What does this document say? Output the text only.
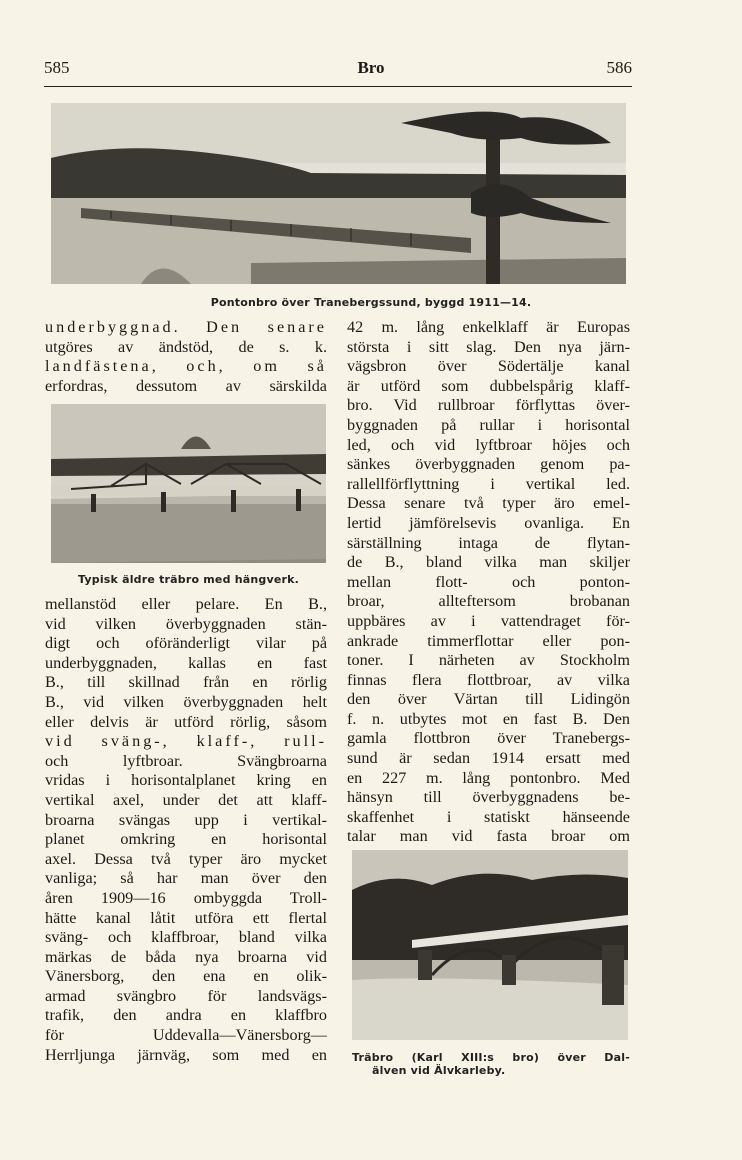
585	Bro	586
Pontonbro över Tranebergssund, byggd 1911—14.
underbyggnad. Den senare
utgöres av ändstöd, de s. k.
landfästena, och, om så
erfordras, dessutom av särskilda
Typisk äldre träbro med hängverk.
mellanstöd eller pelare. En B.,
vid vilken överbyggnaden stän-
digt och oföränderligt vilar på
underbyggnaden, kallas en fast
B., till skillnad från en rörlig
B., vid vilken överbyggnaden helt
eller delvis är utförd rörlig, såsom
vid sväng-, klaff-, rull-
och lyftbroar. Svängbroarna
vridas i horisontalplanet kring en
vertikal axel, under det att klaff-
broarna svängas upp i vertikal-
planet omkring en horisontal
axel. Dessa två typer äro mycket
vanliga; så har man över den
åren 1909—16 ombyggda Troll-
hätte kanal låtit utföra ett flertal
sväng- och klaffbroar, bland vilka
märkas de båda nya broarna vid
Vänersborg, den ena en olik-
armad svängbro för landsvägs-
trafik, den andra en klaffbro
för Uddevalla—Vänersborg—
Herrljunga järnväg, som med en
42 m. lång enkelklaff är Europas
största i sitt slag. Den nya järn-
vägsbron över Södertälje kanal
är utförd som dubbelspårig klaff-
bro. Vid rullbroar förflyttas över-
byggnaden på rullar i horisontal
led, och vid lyftbroar höjes och
sänkes överbyggnaden genom pa-
rallellförflyttning i vertikal led.
Dessa senare två typer äro emel-
lertid jämförelsevis ovanliga. En
särställning intaga de flytan-
de B., bland vilka man skiljer
mellan flott- och ponton-
broar, allteftersom brobanan
uppbäres av i vattendraget för-
ankrade timmerflottar eller pon-
toner. I närheten av Stockholm
finnas flera flottbroar, av vilka
den över Värtan till Lidingön
f. n. utbytes mot en fast B. Den
gamla flottbron över Tranebergs-
sund är sedan 1914 ersatt med
en 227 m. lång pontonbro. Med
hänsyn till överbyggnadens be-
skaffenhet i statiskt hänseende
talar man vid fasta broar om
Träbro (Karl XIII:s bro) över Dal-
älven vid Älvkarleby.
